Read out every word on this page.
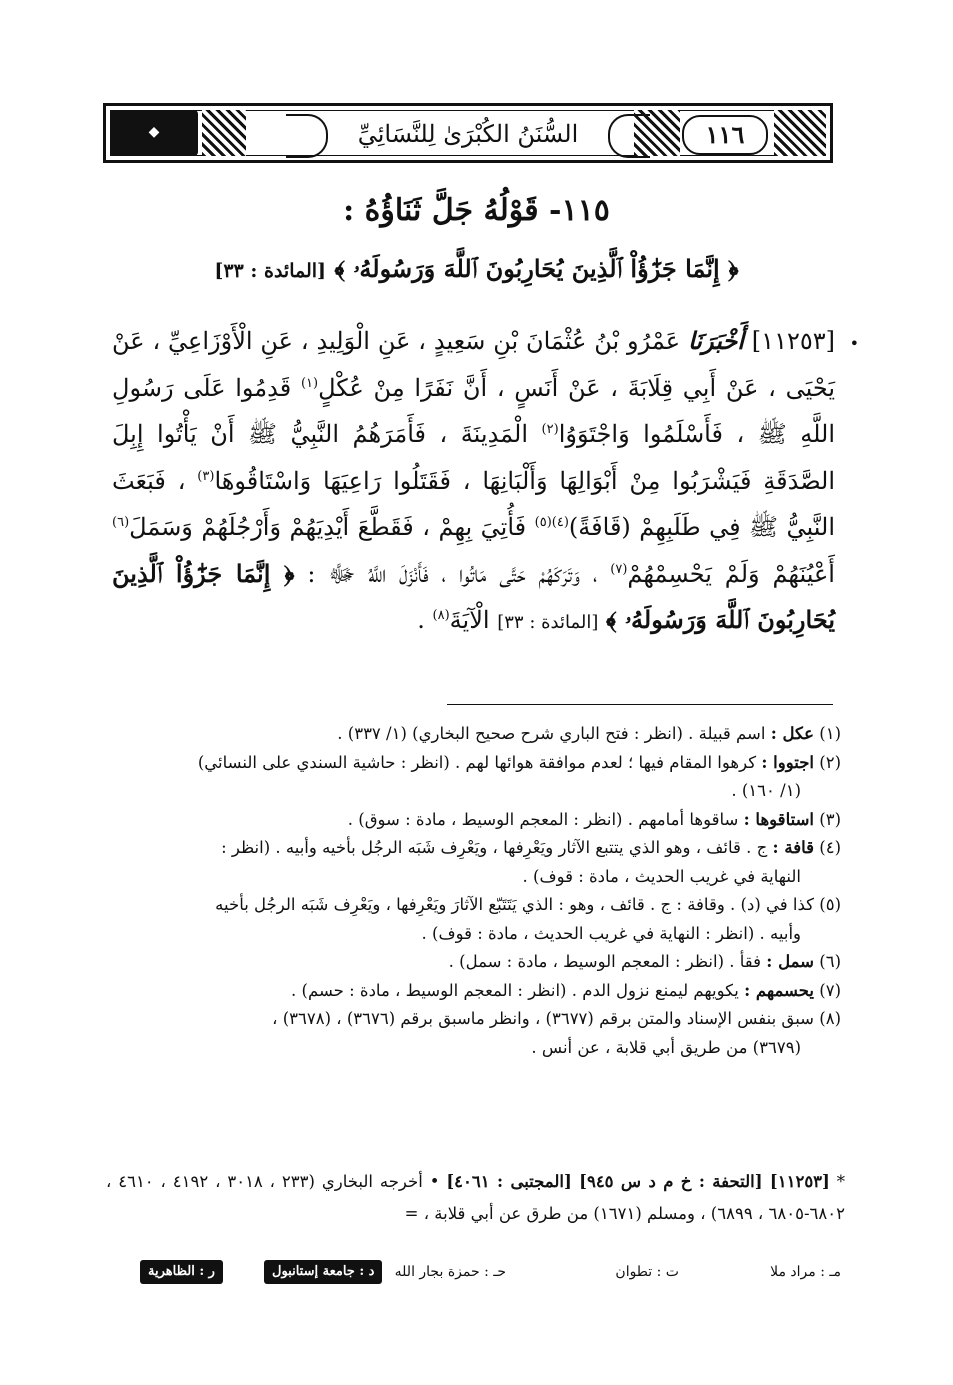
١١٦
السُّنَنُ الكُبْرَىٰ لِلنَّسَائِيِّ
◆
١١٥- قَوْلُهُ جَلَّ ثَنَاؤُهُ :
﴿ إِنَّمَا جَزَٰٓؤُاْ ٱلَّذِينَ يُحَارِبُونَ ٱللَّهَ وَرَسُولَهُۥ ﴾ [المائدة : ٣٣]
•
[١١٢٥٣] أَخْبَرَنَا عَمْرُو بْنُ عُثْمَانَ بْنِ سَعِيدٍ ، عَنِ الْوَلِيدِ ، عَنِ الْأَوْزَاعِيِّ ، عَنْ يَحْيَى ، عَنْ أَبِي قِلَابَةَ ، عَنْ أَنَسٍ ، أَنَّ نَفَرًا مِنْ عُكْلٍ$^{(١)}$ قَدِمُوا عَلَى رَسُولِ اللَّهِ ﷺ ، فَأَسْلَمُوا وَاجْتَوَوُا$^{(٢)}$ الْمَدِينَةَ ، فَأَمَرَهُمُ النَّبِيُّ ﷺ أَنْ يَأْتُوا إِبِلَ الصَّدَقَةِ فَيَشْرَبُوا مِنْ أَبْوَالِهَا وَأَلْبَانِهَا ، فَقَتَلُوا رَاعِيَهَا وَاسْتَاقُوهَا$^{(٣)}$ ، فَبَعَثَ النَّبِيُّ ﷺ فِي طَلَبِهِمْ (قَافَةً)$^{(٤)(٥)}$ فَأُتِيَ بِهِمْ ، فَقَطَّعَ أَيْدِيَهُمْ وَأَرْجُلَهُمْ وَسَمَلَ$^{(٦)}$ أَعْيُنَهُمْ وَلَمْ يَحْسِمْهُمْ$^{(٧)}$ ، وَتَرَكَهُمْ حَتَّى مَاتُوا ، فَأَنْزَلَ اللَّهُ ﷻ : ﴿ إِنَّمَا جَزَٰٓؤُاْ ٱلَّذِينَ يُحَارِبُونَ ٱللَّهَ وَرَسُولَهُۥ ﴾ [المائدة : ٣٣] الْآيَةَ$^{(٨)}$ .
(١) عكل : اسم قبيلة . (انظر : فتح الباري شرح صحيح البخاري) (١/ ٣٣٧) .
(٢) اجتووا : كرهوا المقام فيها ؛ لعدم موافقة هوائها لهم . (انظر : حاشية السندي على النسائي)
(١/ ١٦٠) .
(٣) استاقوها : ساقوها أمامهم . (انظر : المعجم الوسيط ، مادة : سوق) .
(٤) قافة : ج . قائف ، وهو الذي يتتبع الآثار ويَعْرِفها ، ويَعْرِف شَبَه الرجُل بأخيه وأبيه . (انظر :
النهاية في غريب الحديث ، مادة : قوف) .
(٥) كذا في (د) . وقافة : ج . قائف ، وهو : الذي يَتَتَبّع الآثارَ ويَعْرِفها ، ويَعْرِف شَبَه الرجُل بأخيه
وأبيه . (انظر : النهاية في غريب الحديث ، مادة : قوف) .
(٦) سمل : فقأ . (انظر : المعجم الوسيط ، مادة : سمل) .
(٧) يحسمهم : يكويهم ليمنع نزول الدم . (انظر : المعجم الوسيط ، مادة : حسم) .
(٨) سبق بنفس الإسناد والمتن برقم (٣٦٧٧) ، وانظر ماسبق برقم (٣٦٧٦) ، (٣٦٧٨) ،
(٣٦٧٩) من طريق أبي قلابة ، عن أنس .
* [١١٢٥٣] [التحفة : خ م د س ٩٤٥] [المجتبى : ٤٠٦١] • أخرجه البخاري (٢٣٣ ، ٣٠١٨ ، ٤١٩٢ ، ٤٦١٠ ، ٦٨٠٢-٦٨٠٥ ، ٦٨٩٩) ، ومسلم (١٦٧١) من طرق عن أبي قلابة ، =
مـ : مراد ملا
ت : تطوان
حـ : حمزة بجار الله
د : جامعة إستانبول
ر : الظاهرية
